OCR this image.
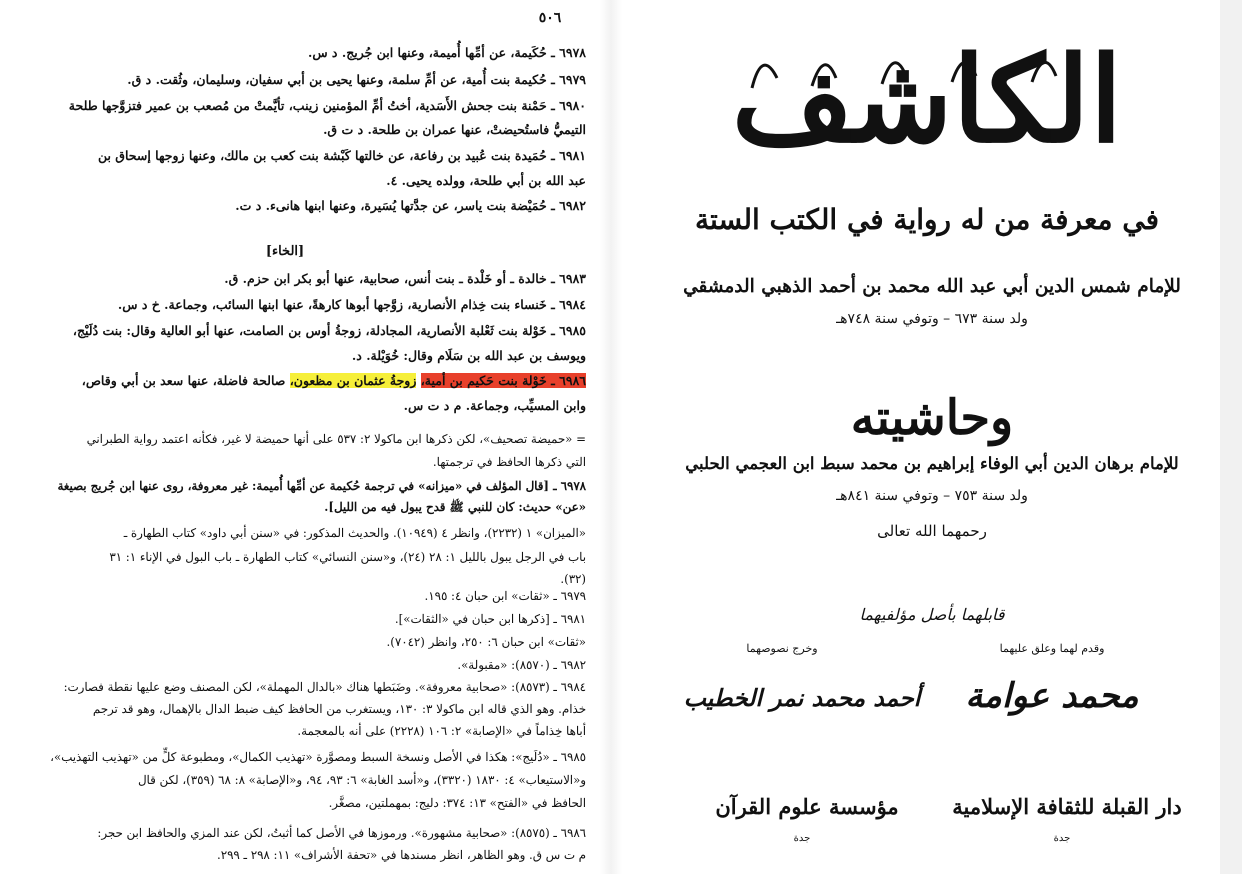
٥٠٦
٦٩٧٨ ـ حُكَيمة، عن أمِّها أُميمة، وعنها ابن جُريج. د س.
٦٩٧٩ ـ حُكيمة بنت أُمية، عن أمِّ سلمة، وعنها يحيى بن أبي سفيان، وسليمان، وثُقت. د ق.
٦٩٨٠ ـ حَمْنة بنت جحش الأَسَدية، أختُ أمِّ المؤمنين زينب، تأيَّمتْ من مُصعب بن عمير فتزوَّجها طلحة
التيميُّ فاستُحيضتْ، عنها عمران بن طلحة. د ت ق.
٦٩٨١ ـ حُمَيدة بنت عُبيد بن رفاعة، عن خالتها كَبْشة بنت كعب بن مالك، وعنها زوجها إسحاق بن
عبد الله بن أبي طلحة، وولده يحيى. ٤.
٦٩٨٢ ـ حُمَيْضة بنت ياسر، عن جدَّتها يُسَيرة، وعنها ابنها هانىء. د ت.
[الخاء]
٦٩٨٣ ـ خالدة ـ أو خَلْدة ـ بنت أنس، صحابية، عنها أبو بكر ابن حزم. ق.
٦٩٨٤ ـ خَنساء بنت خِذام الأنصارية، زوَّجها أبوها كارهةً، عنها ابنها السائب، وجماعة. خ د س.
٦٩٨٥ ـ خَوْلة بنت ثَعْلبة الأنصارية، المجادلة، زوجةُ أوس بن الصامت، عنها أبو العالية وقال: بنت دُلَيْج،
ويوسف بن عبد الله بن سَلَام وقال: خُوَيْلة. د.
٦٩٨٦ ـ خَوْلة بنت حَكيم بن أمية، زوجةُ عثمان بن مظعون، صالحة فاضلة، عنها سعد بن أبي وقاص،
وابن المسيِّب، وجماعة. م د ت س.
= «حميضة تصحيف»، لكن ذكرها ابن ماكولا ٢: ٥٣٧ على أنها حميضة لا غير، فكأنه اعتمد رواية الطبراني
التي ذكرها الحافظ في ترجمتها.
٦٩٧٨ ـ [قال المؤلف في «ميزانه» في ترجمة حُكيمة عن أمِّها أُميمة: غير معروفة، روى عنها ابن جُريج بصيغة
«عن» حديث: كان للنبي ﷺ قدح يبول فيه من الليل].
«الميزان» ١ (٢٢٣٢)، وانظر ٤ (١٠٩٤٩). والحديث المذكور: في «سنن أبي داود» كتاب الطهارة ـ
باب في الرجل يبول بالليل ١: ٢٨ (٢٤)، و«سنن النسائي» كتاب الطهارة ـ باب البول في الإناء ١: ٣١
(٣٢).
٦٩٧٩ ـ «ثقات» ابن حبان ٤: ١٩٥.
٦٩٨١ ـ [ذكرها ابن حبان في «الثقات»].
«ثقات» ابن حبان ٦: ٢٥٠، وانظر (٧٠٤٢).
٦٩٨٢ ـ (٨٥٧٠): «مقبولة».
٦٩٨٤ ـ (٨٥٧٣): «صحابية معروفة». وضَبَطها هناك «بالدال المهملة»، لكن المصنف وضع عليها نقطة فصارت:
خذام. وهو الذي قاله ابن ماكولا ٣: ١٣٠، ويستغرب من الحافظ كيف ضبط الدال بالإهمال، وهو قد ترجم
أباها خِذاماً في «الإصابة» ٢: ١٠٦ (٢٢٢٨) على أنه بالمعجمة.
٦٩٨٥ ـ «دُلَيج»: هكذا في الأصل ونسخة السبط ومصوَّرة «تهذيب الكمال»، ومطبوعة كلٍّ من «تهذيب التهذيب»،
و«الاستيعاب» ٤: ١٨٣٠ (٣٣٢٠)، و«أسد الغابة» ٦: ٩٣، ٩٤، و«الإصابة» ٨: ٦٨ (٣٥٩)، لكن قال
الحافظ في «الفتح» ١٣: ٣٧٤: دليج: بمهملتين، مصغَّر.
٦٩٨٦ ـ (٨٥٧٥): «صحابية مشهورة». ورموزها في الأصل كما أثبتُ، لكن عند المزي والحافظ ابن حجر:
م ت س ق. وهو الظاهر، انظر مسندها في «تحفة الأشراف» ١١: ٢٩٨ ـ ٢٩٩.
الكاشف
في معرفة من له رواية في الكتب الستة
للإمام شمس الدين أبي عبد الله محمد بن أحمد الذهبي الدمشقي
ولد سنة ٦٧٣ – وتوفي سنة ٧٤٨هـ
وحاشيته
للإمام برهان الدين أبي الوفاء إبراهيم بن محمد سبط ابن العجمي الحلبي
ولد سنة ٧٥٣ – وتوفي سنة ٨٤١هـ
رحمهما الله تعالى
قابلهما بأصل مؤلفيهما
وقدم لهما وعلق عليهما
وخرج نصوصهما
محمد عوامة
أحمد محمد نمر الخطيب
دار القبلة للثقافة الإسلامية
مؤسسة علوم القرآن
جدة
جدة
